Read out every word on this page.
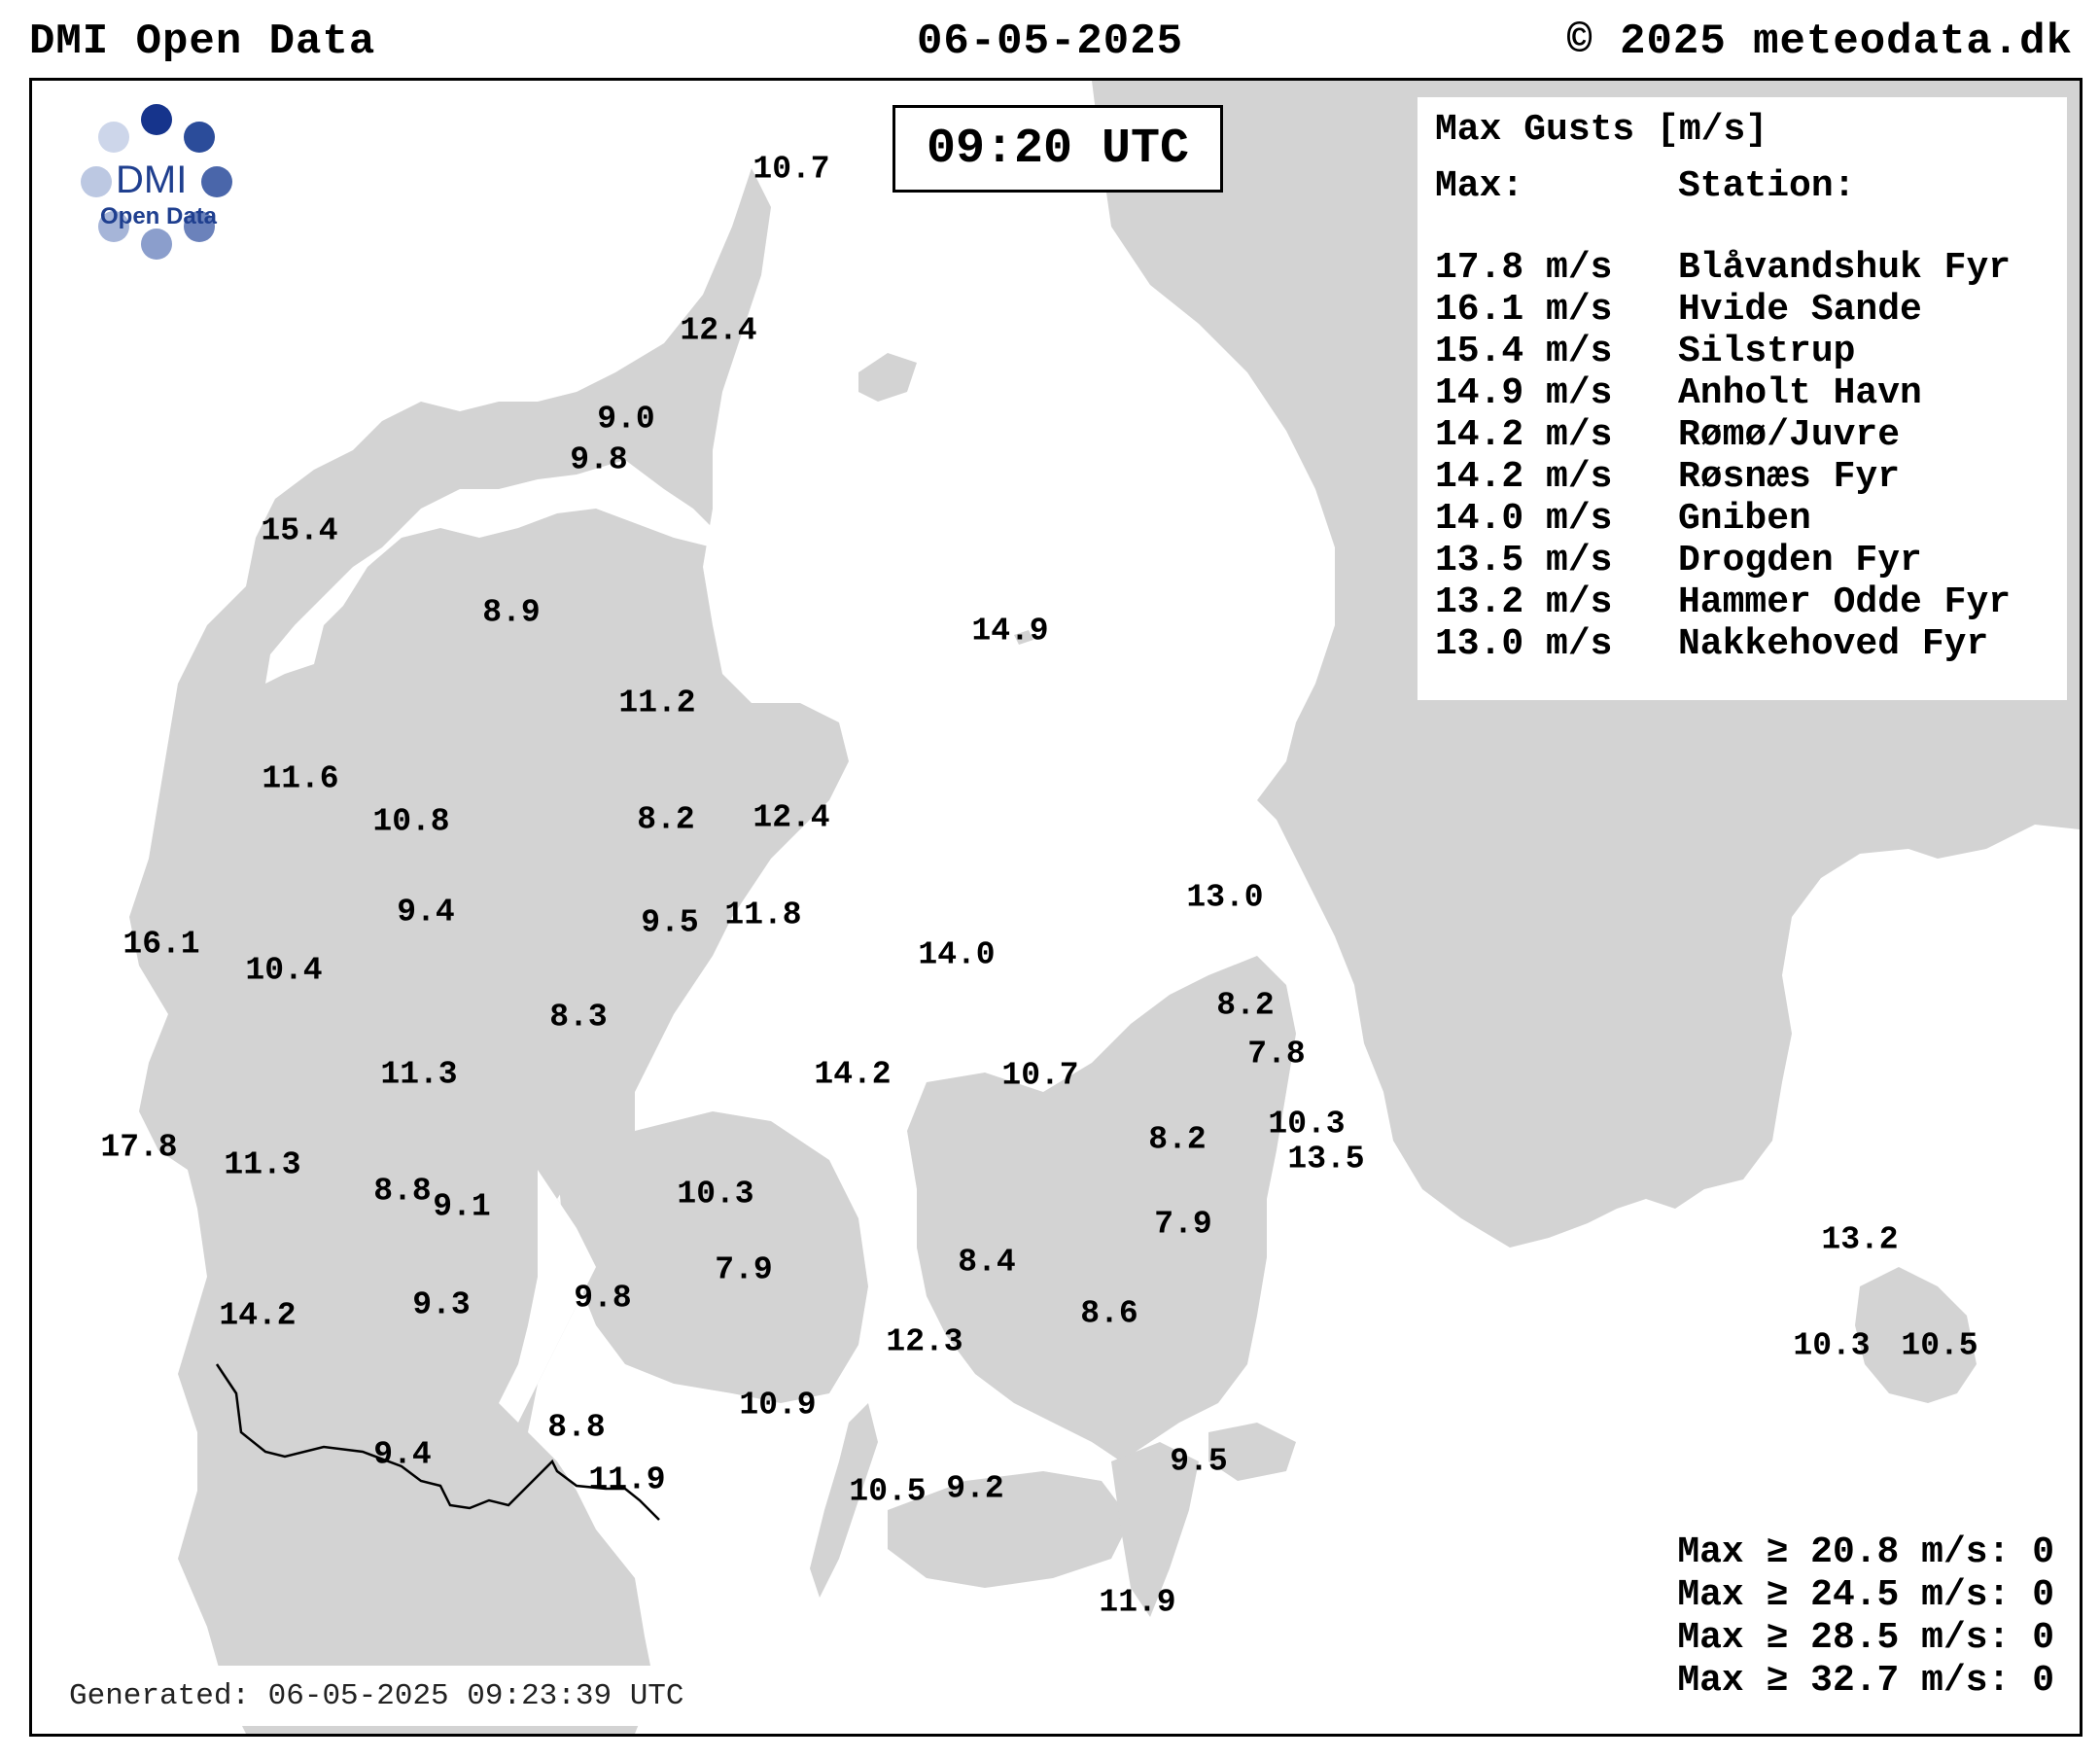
DMI Open Data	06-05-2025	© 2025 meteodata.dk
DMI
Open Data
09:20 UTC	Max Gusts [m/s]
Max:	Station:
17.8 m/s Blåvandshuk Fyr
16.1 m/s Hvide Sande
15.4 m/s Silstrup
14.9 m/s Anholt Havn
14.2 m/s Rømø/Juvre
14.2 m/s Røsnæs Fyr
14.0 m/s Gniben
13.5 m/s Drogden Fyr
13.2 m/s Hammer Odde Fyr
13.0 m/s Nakkehoved Fyr
10.7
12.4
9.0
9.8
15.4
8.9
14.9
11.2
11.6
10.8	8.2 12.4
13.0
9.4	9.5 11.8
16.1
10.4	14.0
8.3	8.2
7.8
11.3	14.2	10.7
10.3
17.8 11.3
8.2
13.5
8.8 9.1	10.3
7.9	13.2
7.9	8.4
14.2	9.3	9.8	8.6
10.3 10.5
12.3
10.9
8.8
9.4
11.9
9.5
10.5 9.2
11.9
Max ≥ 20.8 m/s: 0
Max ≥ 24.5 m/s: 0
Max ≥ 28.5 m/s: 0
Max ≥ 32.7 m/s: 0
Generated: 06-05-2025 09:23:39 UTC
